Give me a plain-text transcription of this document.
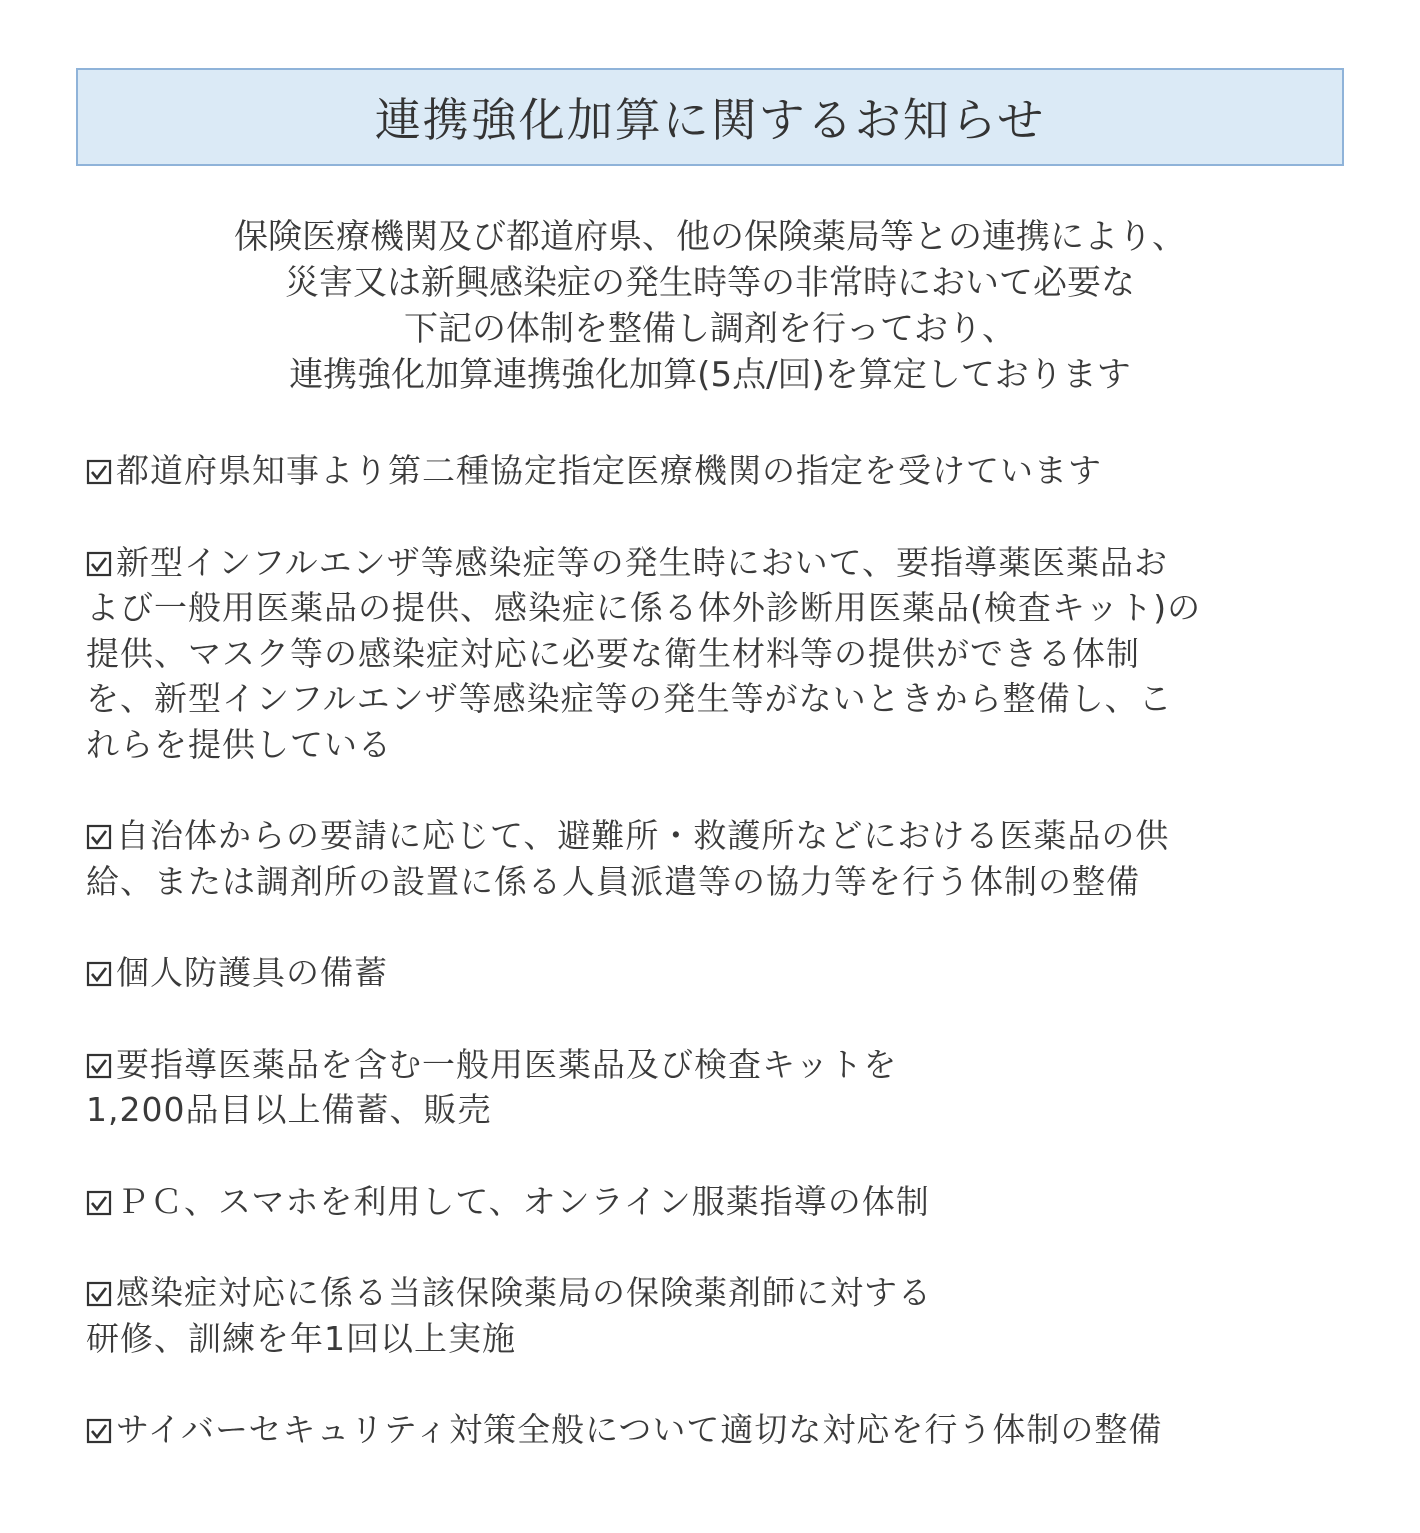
連携強化加算に関するお知らせ
保険医療機関及び都道府県、他の保険薬局等との連携により、
災害又は新興感染症の発生時等の非常時において必要な
下記の体制を整備し調剤を行っており、
連携強化加算連携強化加算(5点/回)を算定しております
都道府県知事より第二種協定指定医療機関の指定を受けています
新型インフルエンザ等感染症等の発生時において、要指導薬医薬品お
よび一般用医薬品の提供、感染症に係る体外診断用医薬品(検査キット)の
提供、マスク等の感染症対応に必要な衛生材料等の提供ができる体制
を、新型インフルエンザ等感染症等の発生等がないときから整備し、こ
れらを提供している
自治体からの要請に応じて、避難所・救護所などにおける医薬品の供
給、または調剤所の設置に係る人員派遣等の協力等を行う体制の整備
個人防護具の備蓄
要指導医薬品を含む一般用医薬品及び検査キットを
1,200品目以上備蓄、販売
ＰＣ、スマホを利用して、オンライン服薬指導の体制
感染症対応に係る当該保険薬局の保険薬剤師に対する
研修、訓練を年1回以上実施
サイバーセキュリティ対策全般について適切な対応を行う体制の整備
